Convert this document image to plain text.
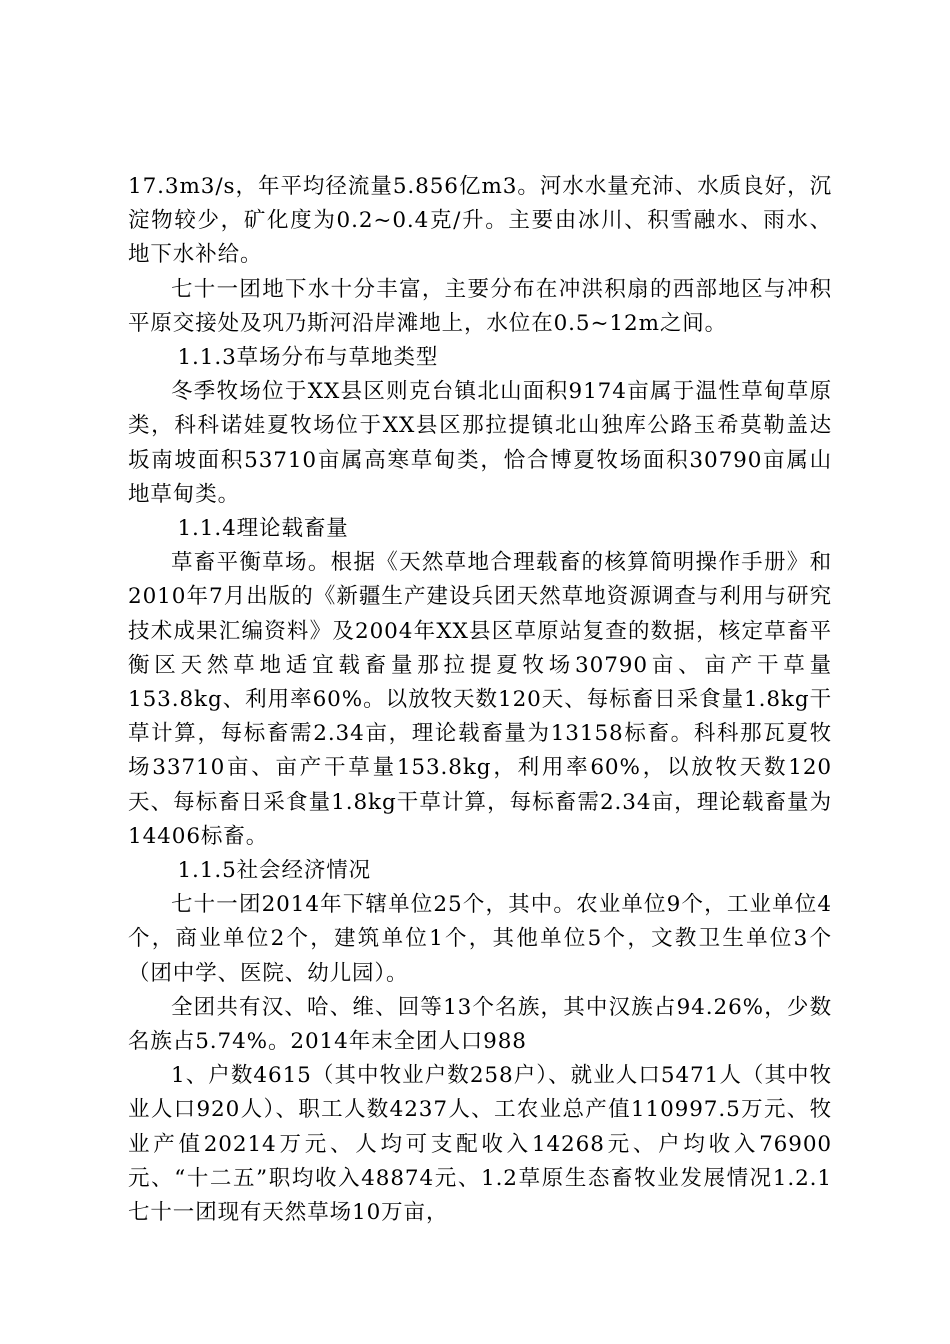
17.3m3/s，年平均径流量5.856亿m3。河水水量充沛、水质良好，沉淀物较少，矿化度为0.2~0.4克/升。主要由冰川、积雪融水、雨水、地下水补给。

七十一团地下水十分丰富，主要分布在冲洪积扇的西部地区与冲积平原交接处及巩乃斯河沿岸滩地上，水位在0.5~12m之间。

1.1.3草场分布与草地类型

冬季牧场位于XX县区则克台镇北山面积9174亩属于温性草甸草原类，科科诺娃夏牧场位于XX县区那拉提镇北山独库公路玉希莫勒盖达坂南坡面积53710亩属高寒草甸类，恰合博夏牧场面积30790亩属山地草甸类。

1.1.4理论载畜量

草畜平衡草场。根据《天然草地合理载畜的核算简明操作手册》和2010年7月出版的《新疆生产建设兵团天然草地资源调查与利用与研究技术成果汇编资料》及2004年XX县区草原站复查的数据，核定草畜平衡区天然草地适宜载畜量那拉提夏牧场30790亩、亩产干草量153.8kg、利用率60%。以放牧天数120天、每标畜日采食量1.8kg干草计算，每标畜需2.34亩，理论载畜量为13158标畜。科科那瓦夏牧场33710亩、亩产干草量153.8kg，利用率60%，以放牧天数120天、每标畜日采食量1.8kg干草计算，每标畜需2.34亩，理论载畜量为14406标畜。

1.1.5社会经济情况

七十一团2014年下辖单位25个，其中。农业单位9个，工业单位4个，商业单位2个，建筑单位1个，其他单位5个，文教卫生单位3个（团中学、医院、幼儿园）。

全团共有汉、哈、维、回等13个名族，其中汉族占94.26%，少数名族占5.74%。2014年末全团人口988

1、户数4615（其中牧业户数258户）、就业人口5471人（其中牧业人口920人）、职工人数4237人、工农业总产值110997.5万元、牧业产值20214万元、人均可支配收入14268元、户均收入76900元、“十二五”职均收入48874元、1.2草原生态畜牧业发展情况1.2.1七十一团现有天然草场10万亩，
